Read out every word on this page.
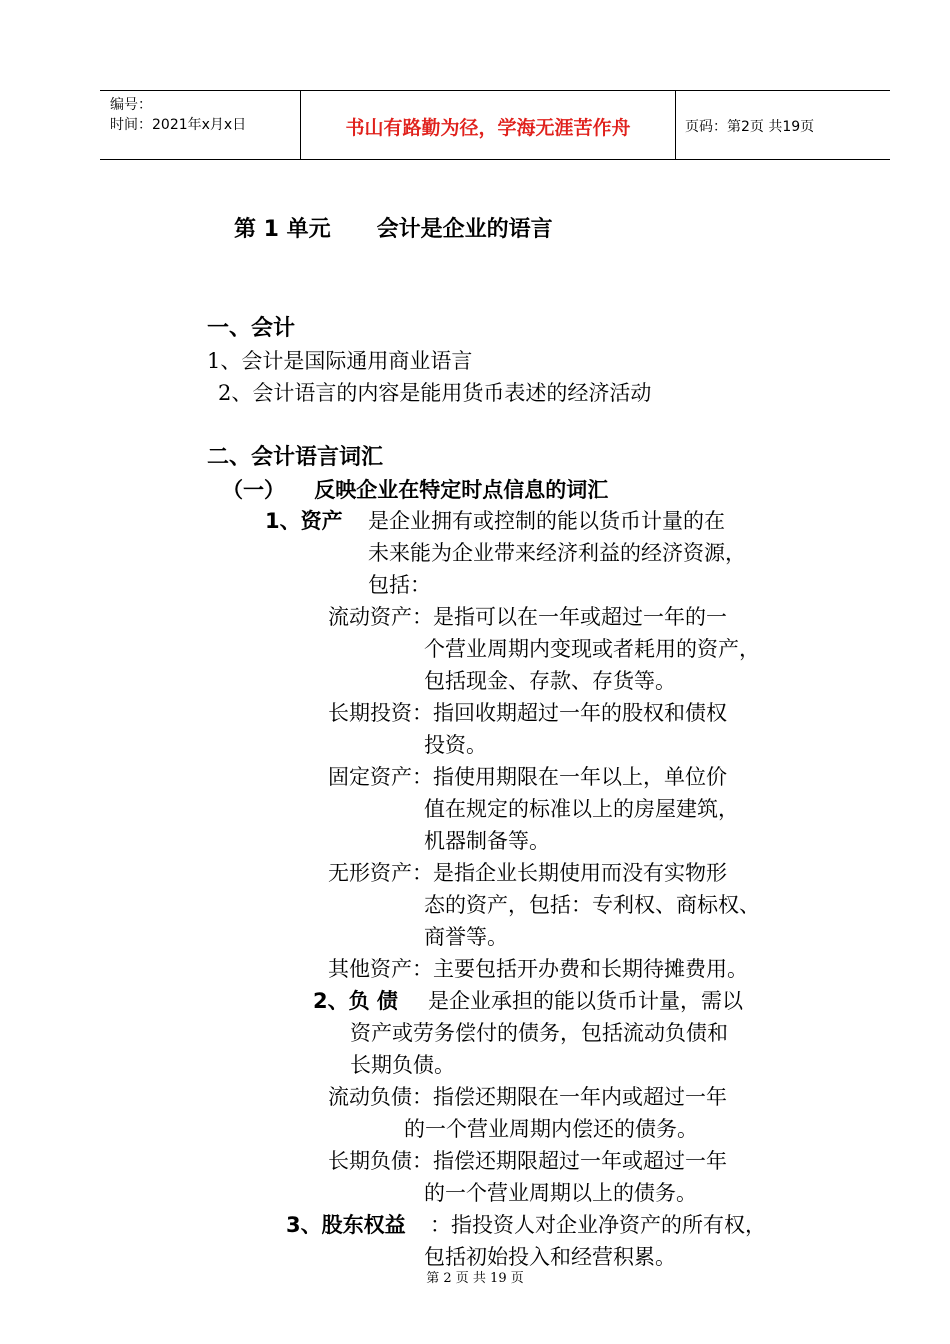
编号：
时间：2021年x月x日	书山有路勤为径，学海无涯苦作舟	页码：第2页 共19页
第 1 单元      会计是企业的语言
一、会计
1、会计是国际通用商业语言
2、会计语言的内容是能用货币表述的经济活动
二、会计语言词汇
（一）    反映企业在特定时点信息的词汇
1、资产 是企业拥有或控制的能以货币计量的在
未来能为企业带来经济利益的经济资源，
包括：
流动资产：是指可以在一年或超过一年的一
个营业周期内变现或者耗用的资产，
包括现金、存款、存货等。
长期投资：指回收期超过一年的股权和债权
投资。
固定资产：指使用期限在一年以上，单位价
值在规定的标准以上的房屋建筑，
机器制备等。
无形资产：是指企业长期使用而没有实物形
态的资产，包括：专利权、商标权、
商誉等。
其他资产：主要包括开办费和长期待摊费用。
2、负 债 是企业承担的能以货币计量，需以
资产或劳务偿付的债务，包括流动负债和
长期负债。
流动负债：指偿还期限在一年内或超过一年
的一个营业周期内偿还的债务。
长期负债：指偿还期限超过一年或超过一年
的一个营业周期以上的债务。
3、股东权益 ：指投资人对企业净资产的所有权，
包括初始投入和经营积累。
第 2 页 共 19 页
